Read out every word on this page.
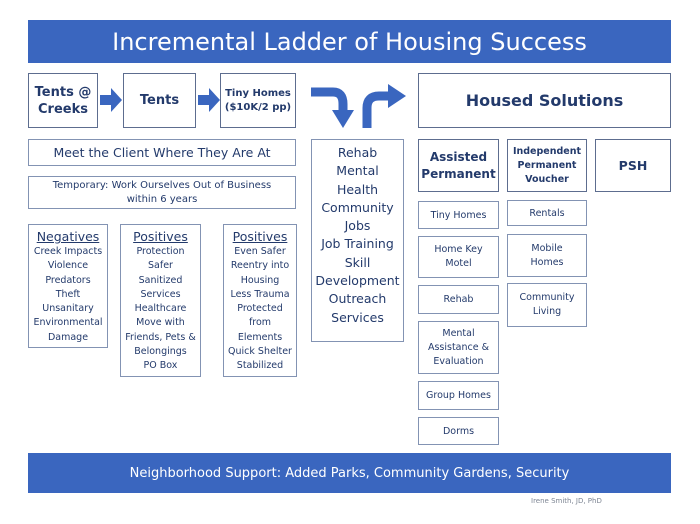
Incremental Ladder of Housing Success
Tents @
Creeks
Tents	Tiny Homes
($10K/2 pp)	Housed Solutions
Meet the Client Where They Are At
Temporary: Work Ourselves Out of Business
within 6 years
Negatives
Creek Impacts
Violence
Predators
Theft
Unsanitary
Environmental
Damage
Positives
Protection
Safer
Sanitized
Services
Healthcare
Move with
Friends, Pets &
Belongings
PO Box
Positives
Even Safer
Reentry into
Housing
Less Trauma
Protected
from
Elements
Quick Shelter
Stabilized
Rehab
Mental
Health
Community
Jobs
Job Training
Skill
Development
Outreach
Services
Assisted
Permanent
Tiny Homes
Home Key
Motel
Rehab
Mental
Assistance &
Evaluation
Group Homes
Dorms
Independent
Permanent
Voucher
Rentals
Mobile
Homes
Community
Living
PSH
Neighborhood Support: Added Parks, Community Gardens, Security
Irene Smith, JD, PhD
